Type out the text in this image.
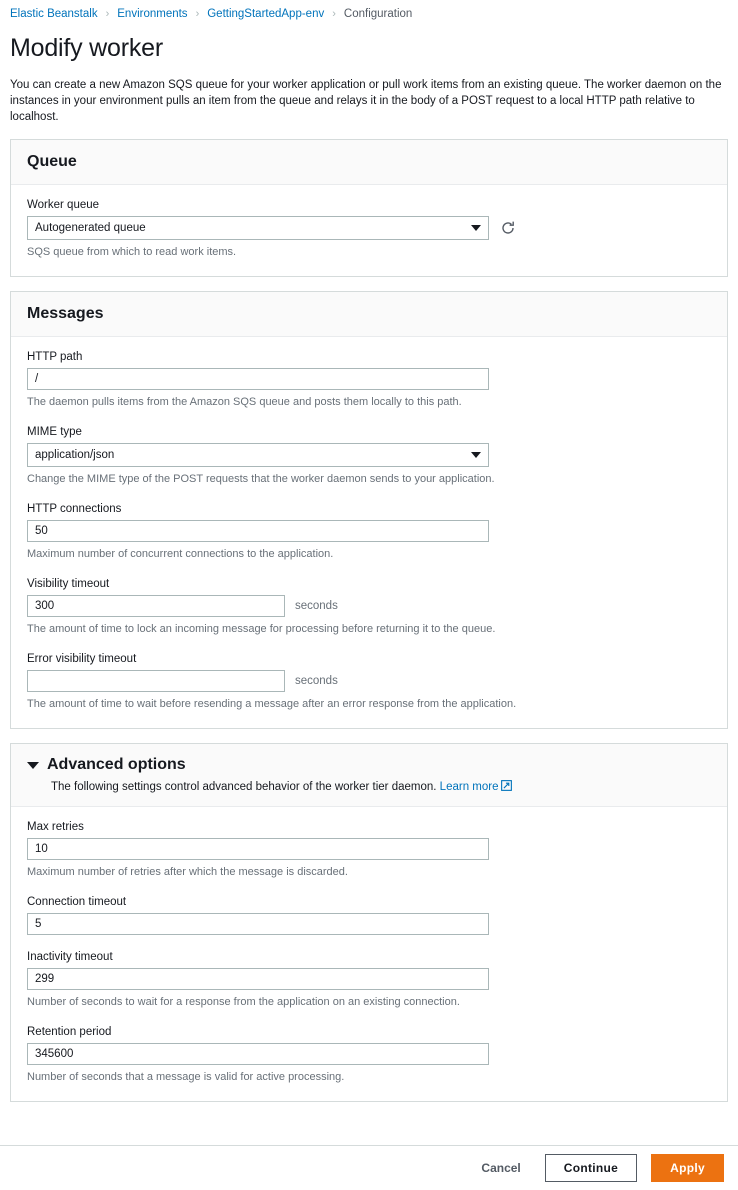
Elastic Beanstalk › Environments › GettingStartedApp-env › Configuration
Modify worker

You can create a new Amazon SQS queue for your worker application or pull work items from an existing queue. The worker daemon on the instances in your environment pulls an item from the queue and relays it in the body of a POST request to a local HTTP path relative to localhost.

Queue
Worker queue
Autogenerated queue
SQS queue from which to read work items.
Messages
HTTP path
/
The daemon pulls items from the Amazon SQS queue and posts them locally to this path.
MIME type
application/json
Change the MIME type of the POST requests that the worker daemon sends to your application.
HTTP connections
50
Maximum number of concurrent connections to the application.
Visibility timeout
300
seconds
The amount of time to lock an incoming message for processing before returning it to the queue.
Error visibility timeout
seconds
The amount of time to wait before resending a message after an error response from the application.
Advanced options
The following settings control advanced behavior of the worker tier daemon. Learn more
Max retries
10
Maximum number of retries after which the message is discarded.
Connection timeout
5
Inactivity timeout
299
Number of seconds to wait for a response from the application on an existing connection.
Retention period
345600
Number of seconds that a message is valid for active processing.
Cancel	Continue	Apply
